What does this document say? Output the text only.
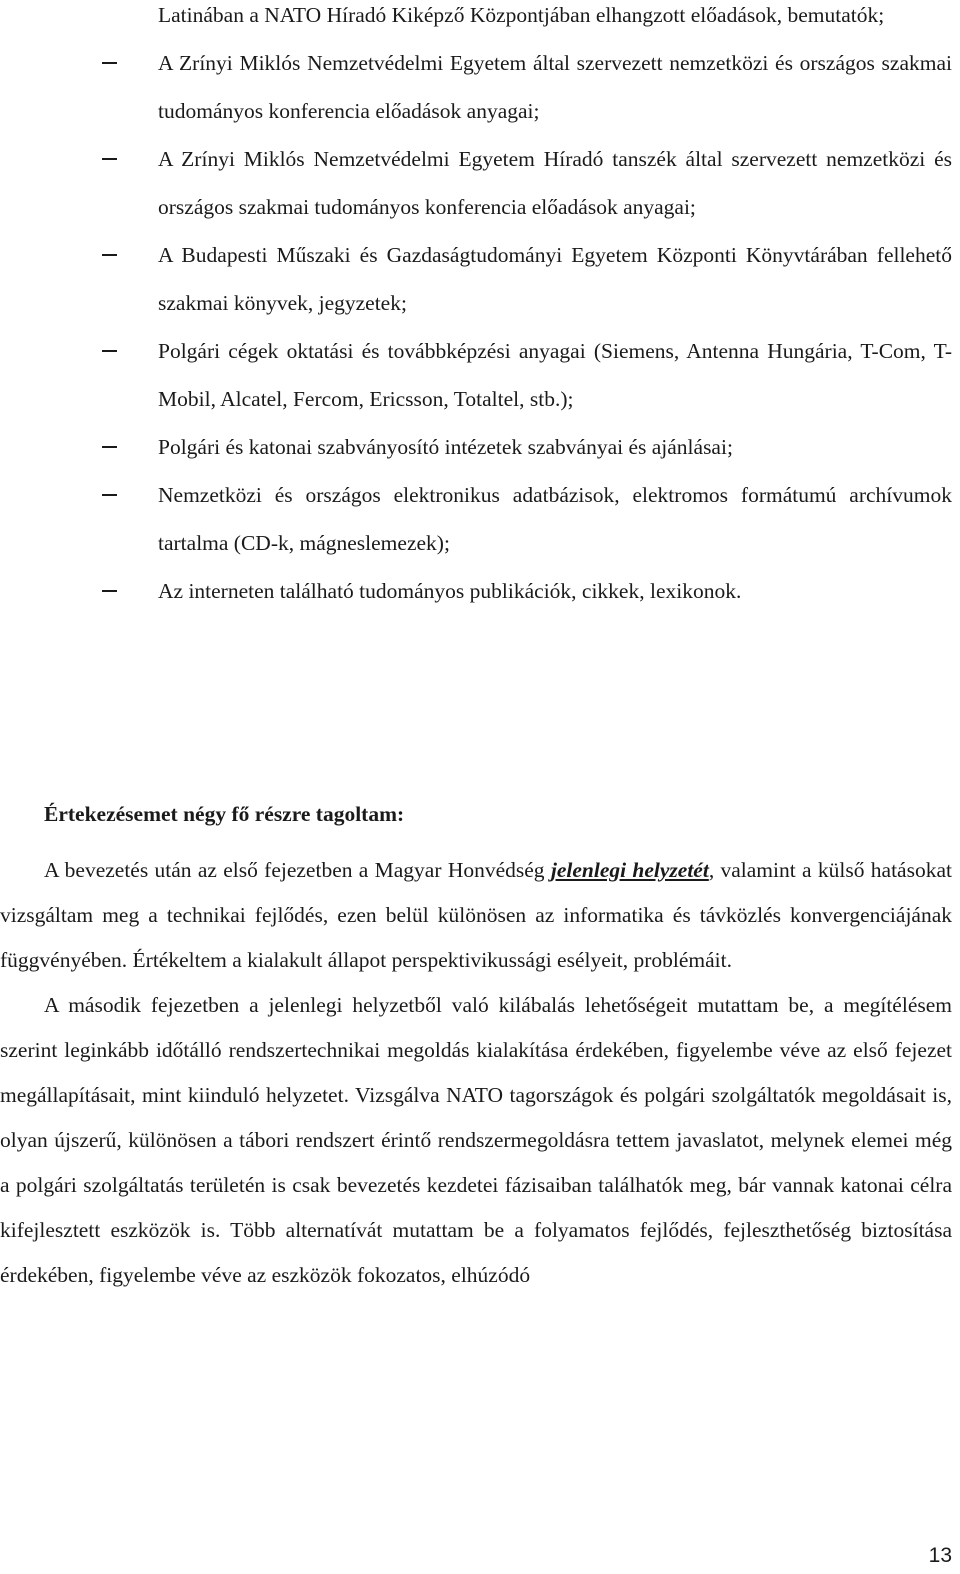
Latinában a NATO Híradó Kiképző Központjában elhangzott előadások, bemutatók;
A Zrínyi Miklós Nemzetvédelmi Egyetem által szervezett nemzetközi és országos szakmai tudományos konferencia előadások anyagai;
A Zrínyi Miklós Nemzetvédelmi Egyetem Híradó tanszék által szervezett nemzetközi és országos szakmai tudományos konferencia előadások anyagai;
A Budapesti Műszaki és Gazdaságtudományi Egyetem Központi Könyvtárában fellehető szakmai könyvek, jegyzetek;
Polgári cégek oktatási és továbbképzési anyagai (Siemens, Antenna Hungária, T-Com, T-Mobil, Alcatel, Fercom, Ericsson, Totaltel, stb.);
Polgári és katonai szabványosító intézetek szabványai és ajánlásai;
Nemzetközi és országos elektronikus adatbázisok, elektromos formátumú archívumok tartalma (CD-k, mágneslemezek);
Az interneten található tudományos publikációk, cikkek, lexikonok.
Értekezésemet négy fő részre tagoltam:

A bevezetés után az első fejezetben a Magyar Honvédség jelenlegi helyzetét, valamint a külső hatásokat vizsgáltam meg a technikai fejlődés, ezen belül különösen az informatika és távközlés konvergenciájának függvényében. Értékeltem a kialakult állapot perspektivikussági esélyeit, problémáit.

A második fejezetben a jelenlegi helyzetből való kilábalás lehetőségeit mutattam be, a megítélésem szerint leginkább időtálló rendszertechnikai megoldás kialakítása érdekében, figyelembe véve az első fejezet megállapításait, mint kiinduló helyzetet. Vizsgálva NATO tagországok és polgári szolgáltatók megoldásait is, olyan újszerű, különösen a tábori rendszert érintő rendszermegoldásra tettem javaslatot, melynek elemei még a polgári szolgáltatás területén is csak bevezetés kezdetei fázisaiban találhatók meg, bár vannak katonai célra kifejlesztett eszközök is. Több alternatívát mutattam be a folyamatos fejlődés, fejleszthetőség biztosítása érdekében, figyelembe véve az eszközök fokozatos, elhúzódó

13
